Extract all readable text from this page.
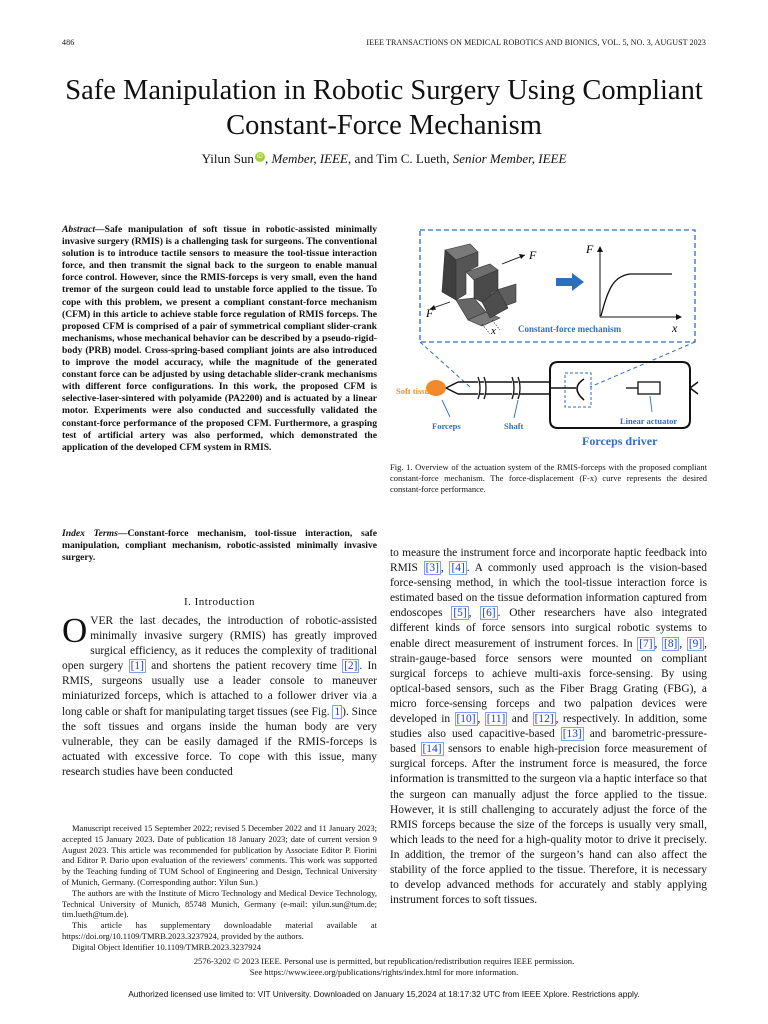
486	IEEE TRANSACTIONS ON MEDICAL ROBOTICS AND BIONICS, VOL. 5, NO. 3, AUGUST 2023
Safe Manipulation in Robotic Surgery Using Compliant Constant-Force Mechanism
Yilun Sun iD , Member, IEEE, and Tim C. Lueth, Senior Member, IEEE
Abstract—Safe manipulation of soft tissue in robotic-assisted minimally invasive surgery (RMIS) is a challenging task for surgeons. The conventional solution is to introduce tactile sensors to measure the tool-tissue interaction force, and then transmit the signal back to the surgeon to enable manual force control. However, since the RMIS-forceps is very small, even the hand tremor of the surgeon could lead to unstable force applied to the tissue. To cope with this problem, we present a compliant constant-force mechanism (CFM) in this article to achieve stable force regulation of RMIS forceps. The proposed CFM is comprised of a pair of symmetrical compliant slider-crank mechanisms, whose mechanical behavior can be described by a pseudo-rigid-body (PRB) model. Cross-spring-based compliant joints are also introduced to improve the model accuracy, while the magnitude of the generated constant force can be adjusted by using detachable slider-crank mechanisms with different force configurations. In this work, the proposed CFM is selective-laser-sintered with polyamide (PA2200) and is actuated by a linear motor. Experiments were also conducted and successfully validated the constant-force performance of the proposed CFM. Furthermore, a grasping test of artificial artery was also performed, which demonstrated the application of the developed CFM system in RMIS.
Index Terms—Constant-force mechanism, tool-tissue interaction, safe manipulation, compliant mechanism, robotic-assisted minimally invasive surgery.
I. Introduction
OVER the last decades, the introduction of robotic-assisted minimally invasive surgery (RMIS) has greatly improved surgical efficiency, as it reduces the complexity of traditional open surgery [1] and shortens the patient recovery time [2] . In RMIS, surgeons usually use a leader console to maneuver miniaturized forceps, which is attached to a follower driver via a long cable or shaft for manipulating target tissues (see Fig. 1 ). Since the soft tissues and organs inside the human body are very vulnerable, they can be easily damaged if the RMIS-forceps is actuated with excessive force. To cope with this issue, many research studies have been conducted

Manuscript received 15 September 2022; revised 5 December 2022 and 11 January 2023; accepted 15 January 2023. Date of publication 18 January 2023; date of current version 9 August 2023. This article was recommended for publication by Associate Editor P. Fiorini and Editor P. Dario upon evaluation of the reviewers’ comments. This work was supported by the Teaching funding of TUM School of Engineering and Design, Technical University of Munich, Germany. (Corresponding author: Yilun Sun.)

The authors are with the Institute of Micro Technology and Medical Device Technology, Technical University of Munich, 85748 Munich, Germany (e-mail: yilun.sun@tum.de; tim.lueth@tum.de).

This article has supplementary downloadable material available at https://doi.org/10.1109/TMRB.2023.3237924, provided by the authors.

Digital Object Identifier 10.1109/TMRB.2023.3237924

F
F
x Constant-force mechanism
F
x
Soft tissue
Forceps	Shaft	Linear actuator
Forceps driver
Fig. 1. Overview of the actuation system of the RMIS-forceps with the proposed compliant constant-force mechanism. The force-displacement (F-x) curve represents the desired constant-force performance.
to measure the instrument force and incorporate haptic feedback into RMIS [3] , [4] . A commonly used approach is the vision-based force-sensing method, in which the tool-tissue interaction force is estimated based on the tissue deformation information captured from endoscopes [5] , [6] . Other researchers have also integrated different kinds of force sensors into surgical robotic systems to enable direct measurement of instrument forces. In [7] , [8] , [9] , strain-gauge-based force sensors were mounted on compliant surgical forceps to achieve multi-axis force-sensing. By using optical-based sensors, such as the Fiber Bragg Grating (FBG), a micro force-sensing forceps and two palpation devices were developed in [10] , [11] and [12] , respectively. In addition, some studies also used capacitive-based [13] and barometric-pressure-based [14] sensors to enable high-precision force measurement of surgical forceps. After the instrument force is measured, the force information is transmitted to the surgeon via a haptic interface so that the surgeon can manually adjust the force applied to the tissue. However, it is still challenging to accurately adjust the force of the RMIS forceps because the size of the forceps is usually very small, which leads to the need for a high-quality motor to drive it precisely. In addition, the tremor of the surgeon’s hand can also affect the stability of the force applied to the tissue. Therefore, it is necessary to develop advanced methods for accurately and stably applying instrument forces to soft tissues.
2576-3202 © 2023 IEEE. Personal use is permitted, but republication/redistribution requires IEEE permission.
See https://www.ieee.org/publications/rights/index.html for more information.
Authorized licensed use limited to: VIT University. Downloaded on January 15,2024 at 18:17:32 UTC from IEEE Xplore. Restrictions apply.
